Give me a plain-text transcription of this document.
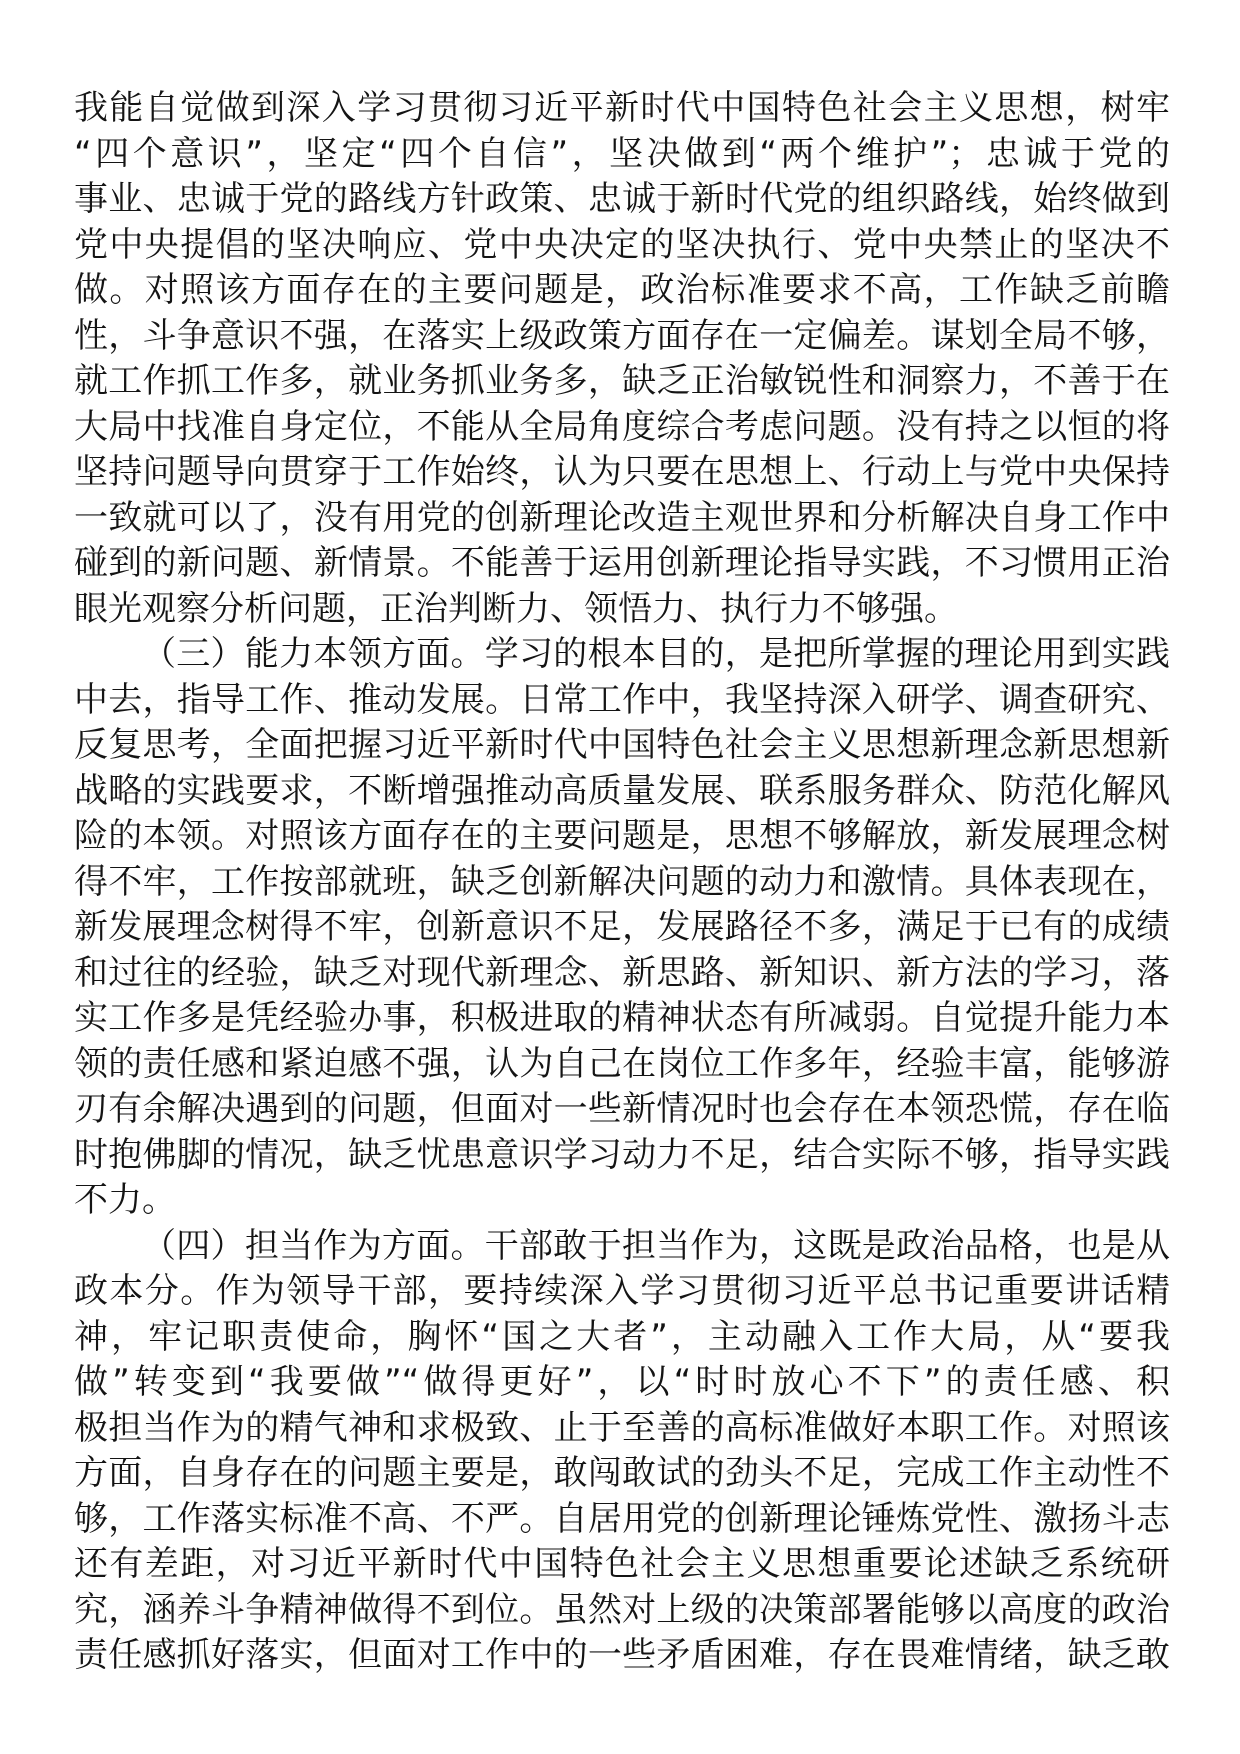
我能自觉做到深入学习贯彻习近平新时代中国特色社会主义思想，树牢
“四个意识”，坚定“四个自信”，坚决做到“两个维护”；忠诚于党的
事业、忠诚于党的路线方针政策、忠诚于新时代党的组织路线，始终做到
党中央提倡的坚决响应、党中央决定的坚决执行、党中央禁止的坚决不
做。对照该方面存在的主要问题是，政治标准要求不高，工作缺乏前瞻
性，斗争意识不强，在落实上级政策方面存在一定偏差。谋划全局不够，
就工作抓工作多，就业务抓业务多，缺乏正治敏锐性和洞察力，不善于在
大局中找准自身定位，不能从全局角度综合考虑问题。没有持之以恒的将
坚持问题导向贯穿于工作始终，认为只要在思想上、行动上与党中央保持
一致就可以了，没有用党的创新理论改造主观世界和分析解决自身工作中
碰到的新问题、新情景。不能善于运用创新理论指导实践，不习惯用正治
眼光观察分析问题，正治判断力、领悟力、执行力不够强。
（三）能力本领方面。学习的根本目的，是把所掌握的理论用到实践
中去，指导工作、推动发展。日常工作中，我坚持深入研学、调查研究、
反复思考，全面把握习近平新时代中国特色社会主义思想新理念新思想新
战略的实践要求，不断增强推动高质量发展、联系服务群众、防范化解风
险的本领。对照该方面存在的主要问题是，思想不够解放，新发展理念树
得不牢，工作按部就班，缺乏创新解决问题的动力和激情。具体表现在，
新发展理念树得不牢，创新意识不足，发展路径不多，满足于已有的成绩
和过往的经验，缺乏对现代新理念、新思路、新知识、新方法的学习，落
实工作多是凭经验办事，积极进取的精神状态有所减弱。自觉提升能力本
领的责任感和紧迫感不强，认为自己在岗位工作多年，经验丰富，能够游
刃有余解决遇到的问题，但面对一些新情况时也会存在本领恐慌，存在临
时抱佛脚的情况，缺乏忧患意识学习动力不足，结合实际不够，指导实践
不力。
（四）担当作为方面。干部敢于担当作为，这既是政治品格，也是从
政本分。作为领导干部，要持续深入学习贯彻习近平总书记重要讲话精
神，牢记职责使命，胸怀“国之大者”，主动融入工作大局，从“要我
做”转变到“我要做”“做得更好”，以“时时放心不下”的责任感、积
极担当作为的精气神和求极致、止于至善的高标准做好本职工作。对照该
方面，自身存在的问题主要是，敢闯敢试的劲头不足，完成工作主动性不
够，工作落实标准不高、不严。自居用党的创新理论锤炼党性、激扬斗志
还有差距，对习近平新时代中国特色社会主义思想重要论述缺乏系统研
究，涵养斗争精神做得不到位。虽然对上级的决策部署能够以高度的政治
责任感抓好落实，但面对工作中的一些矛盾困难，存在畏难情绪，缺乏敢
